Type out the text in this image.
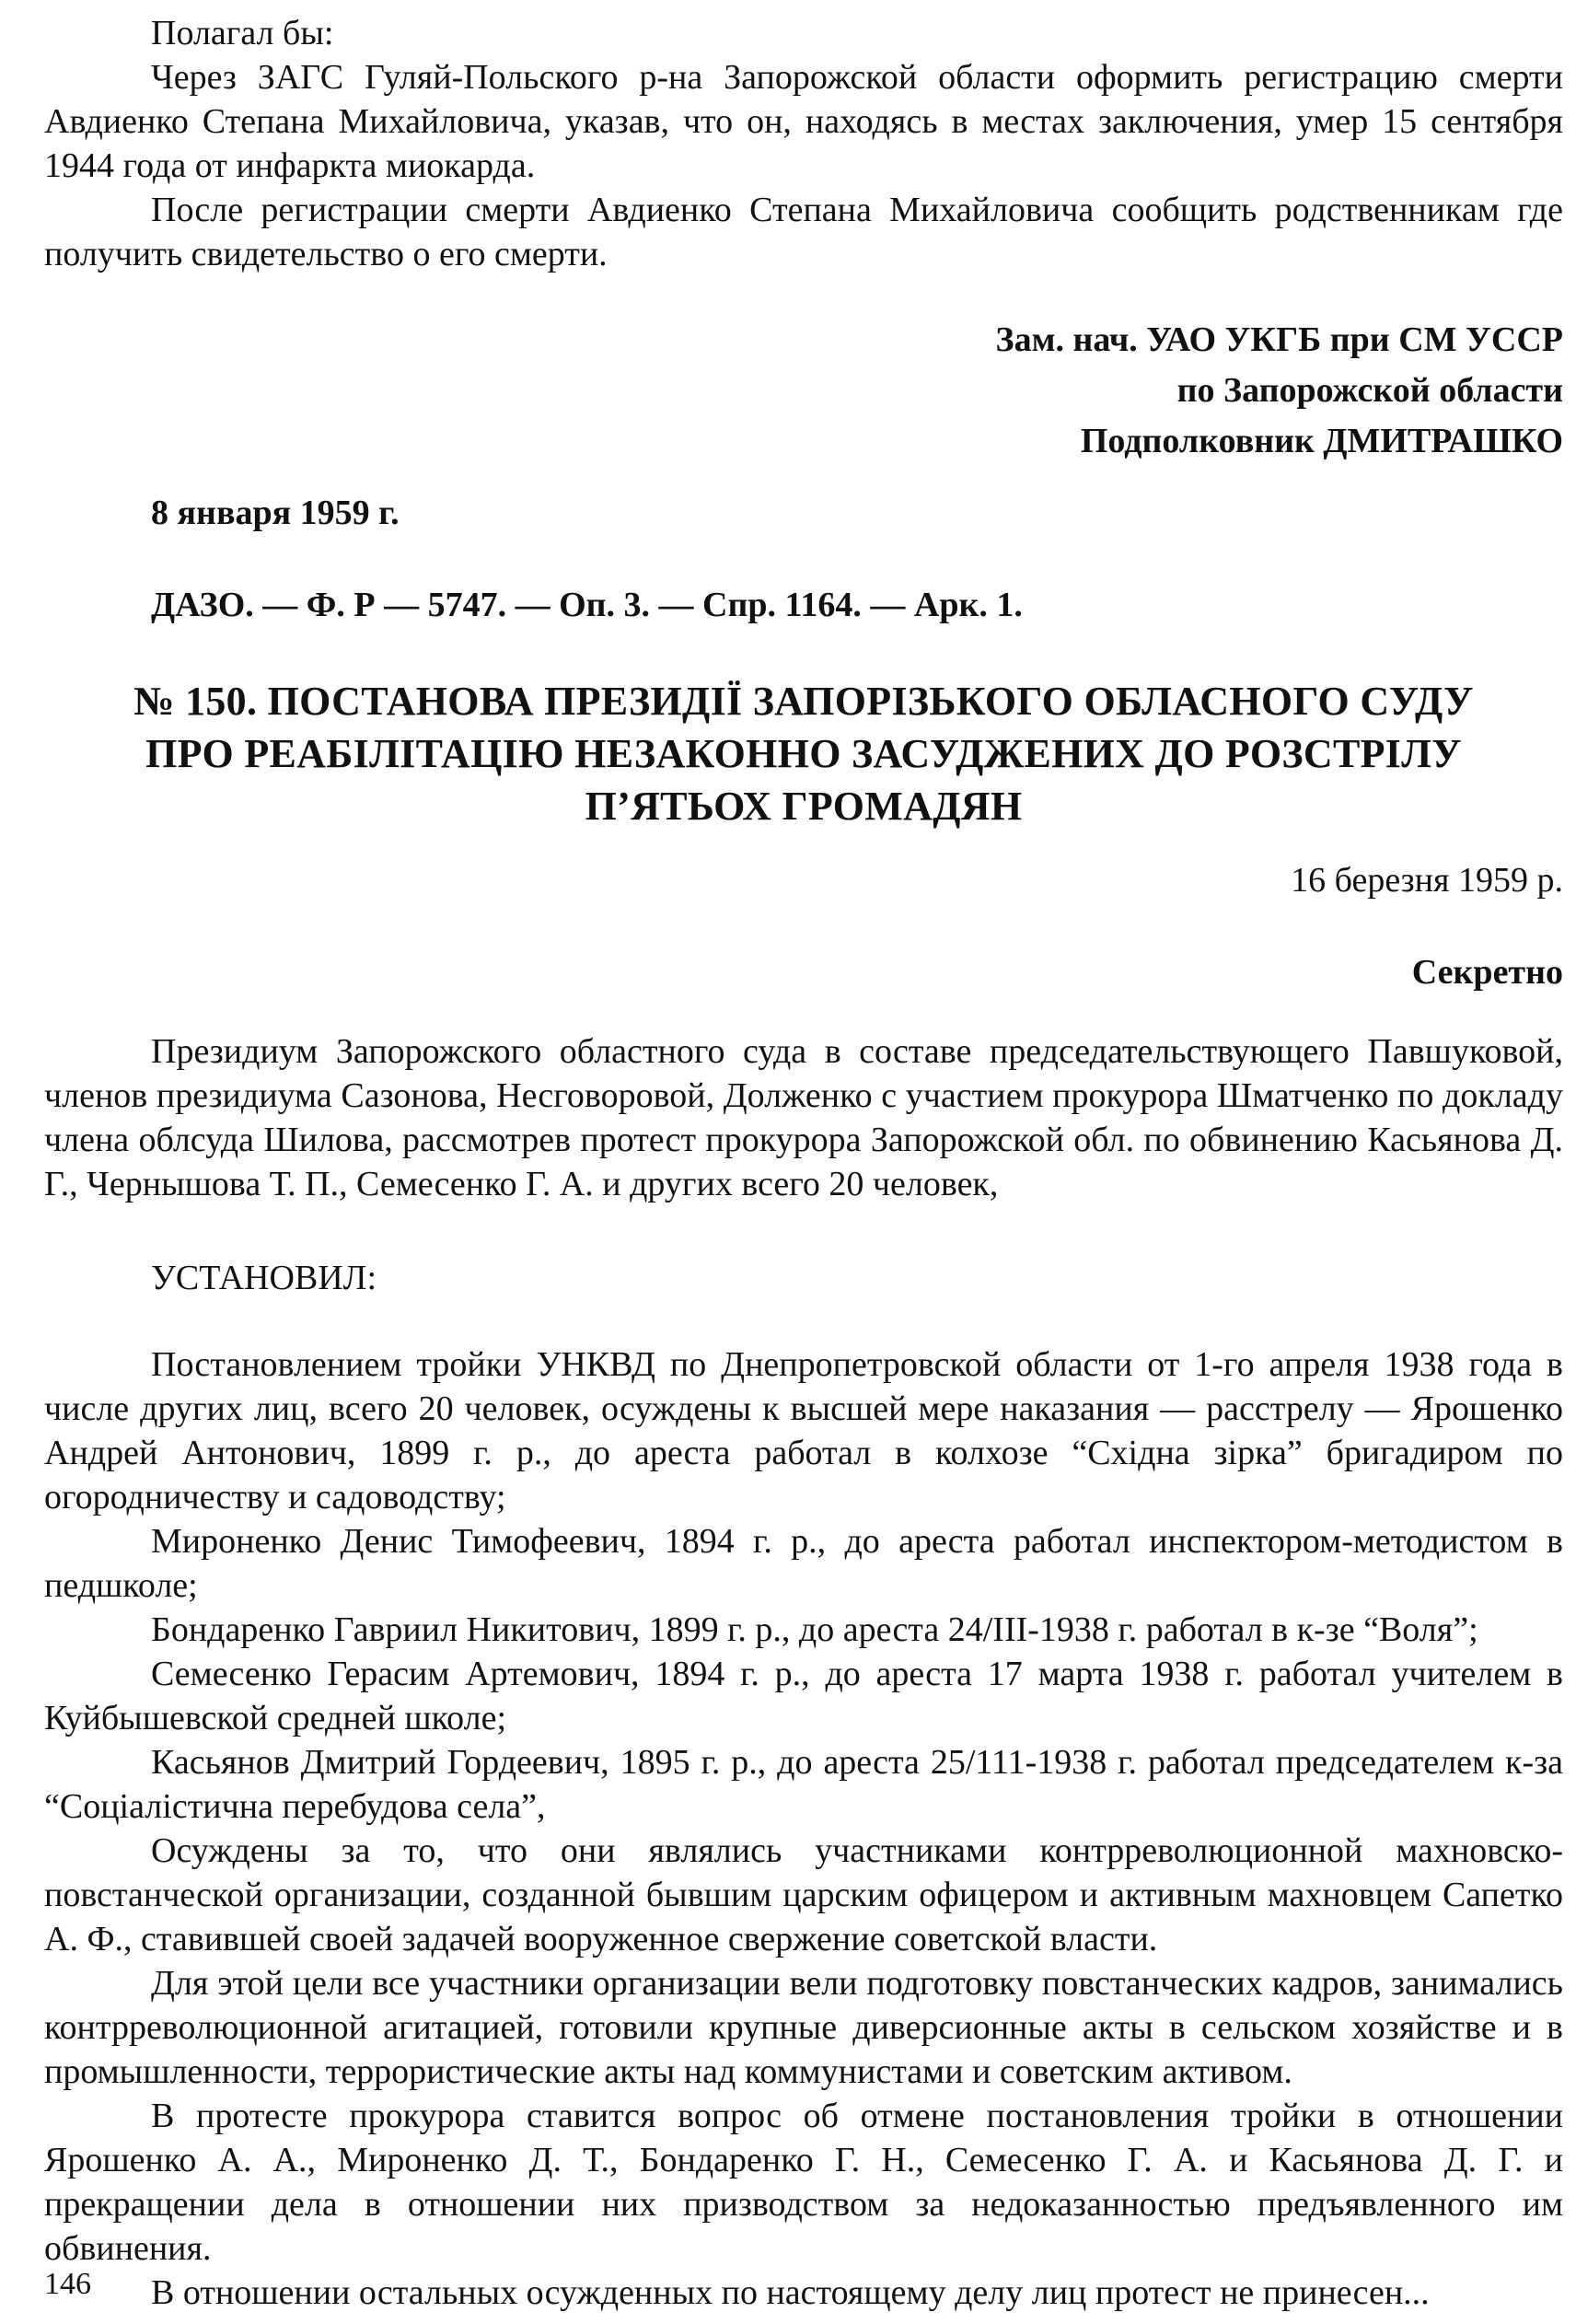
Полагал бы:

Через ЗАГС Гуляй-Польского р-на Запорожской области оформить регистрацию смерти Авдиенко Степана Михайловича, указав, что он, находясь в местах заключения, умер 15 сентября 1944 года от инфаркта миокарда.

После регистрации смерти Авдиенко Степана Михайловича сообщить родственникам где получить свидетельство о его смерти.

Зам. нач. УАО УКГБ при СМ УССР

по Запорожской области

Подполковник ДМИТРАШКО

8 января 1959 г.

ДАЗО. — Ф. Р — 5747. — Оп. 3. — Спр. 1164. — Арк. 1.

№ 150. ПОСТАНОВА ПРЕЗИДІЇ ЗАПОРІЗЬКОГО ОБЛАСНОГО СУДУ

ПРО РЕАБІЛІТАЦІЮ НЕЗАКОННО ЗАСУДЖЕНИХ ДО РОЗСТРІЛУ

П’ЯТЬОХ ГРОМАДЯН

16 березня 1959 р.

Секретно

Президиум Запорожского областного суда в составе председательствующего Павшуковой, членов президиума Сазонова, Несговоровой, Долженко с участием прокурора Шматченко по докладу члена облсуда Шилова, рассмотрев протест прокурора Запорожской обл. по обвинению Касьянова Д. Г., Чернышова Т. П., Семесенко Г. А. и других всего 20 человек,

УСТАНОВИЛ:

Постановлением тройки УНКВД по Днепропетровской области от 1-го апреля 1938 года в числе других лиц, всего 20 человек, осуждены к высшей мере наказания — расстрелу — Ярошенко Андрей Антонович, 1899 г. р., до ареста работал в колхозе “Східна зірка” бригадиром по огородничеству и садоводству;

Мироненко Денис Тимофеевич, 1894 г. р., до ареста работал инспектором-методистом в педшколе;

Бондаренко Гавриил Никитович, 1899 г. р., до ареста 24/III-1938 г. работал в к-зе “Воля”;

Семесенко Герасим Артемович, 1894 г. р., до ареста 17 марта 1938 г. работал учителем в Куйбышевской средней школе;

Касьянов Дмитрий Гордеевич, 1895 г. р., до ареста 25/111-1938 г. работал председателем к-за “Соціалістична перебудова села”,

Осуждены за то, что они являлись участниками контрреволюционной махновско-повстанческой организации, созданной бывшим царским офицером и активным махновцем Сапетко А. Ф., ставившей своей задачей вооруженное свержение советской власти.

Для этой цели все участники организации вели подготовку повстанческих кадров, занимались контрреволюционной агитацией, готовили крупные диверсионные акты в сельском хозяйстве и в промышленности, террористические акты над коммунистами и советским активом.

В протесте прокурора ставится вопрос об отмене постановления тройки в отношении Ярошенко А. А., Мироненко Д. Т., Бондаренко Г. Н., Семесенко Г. А. и Касьянова Д. Г. и прекращении дела в отношении них призводством за недоказанностью предъявленного им обвинения.

В отношении остальных осужденных по настоящему делу лиц протест не принесен...

146
